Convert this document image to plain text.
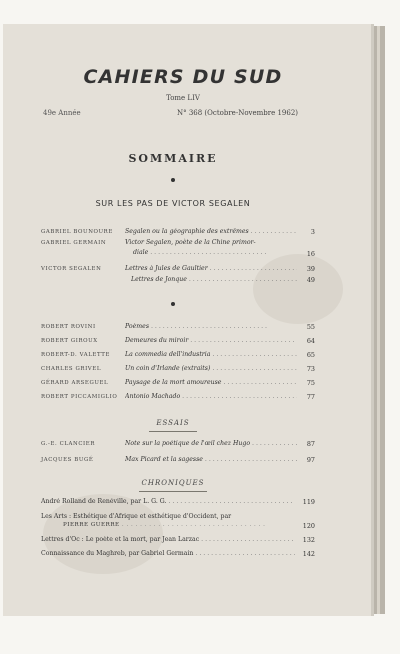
CAHIERS DU SUD
Tome LIV
49e Année	N° 368 (Octobre-Novembre 1962)
SOMMAIRE
SUR LES PAS DE VICTOR SEGALEN
GABRIEL BOUNOURE Segalen ou la géographie des extrêmes . . .	3
GABRIEL GERMAIN	Victor Segalen, poète de la Chine primor-
diale . . .	16
VICTOR SEGALEN	Lettres à Jules de Gaultier . . .	39
Lettres de Jonque . . .	49
ROBERT ROVINI	Poèmes . . .	55
ROBERT GIROUX	Demeures du miroir . . .	64
ROBERT-D. VALETTE La commedia dell'industria . . .	65
CHARLES GRIVEL	Un coin d'Irlande (extraits) . . .	73
GÉRARD ARSEGUEL	Paysage de la mort amoureuse . . .	75
ROBERT PICCAMIGLIO Antonio Machado . . .	77
ESSAIS
G.-E. CLANCIER	Note sur la poétique de l'œil chez Hugo . . .	87
JACQUES BUGÉ	Max Picard et la sagesse . . .	97
CHRONIQUES
André Rolland de Renéville, par L. G. G. . . .	119
Les Arts : Esthétique d'Afrique et esthétique d'Occident, par
PIERRE GUERRE . . .	120
Lettres d'Oc : Le poète et la mort, par Jean Larzac . . .	132
Connaissance du Maghreb, par Gabriel Germain . . .	142
